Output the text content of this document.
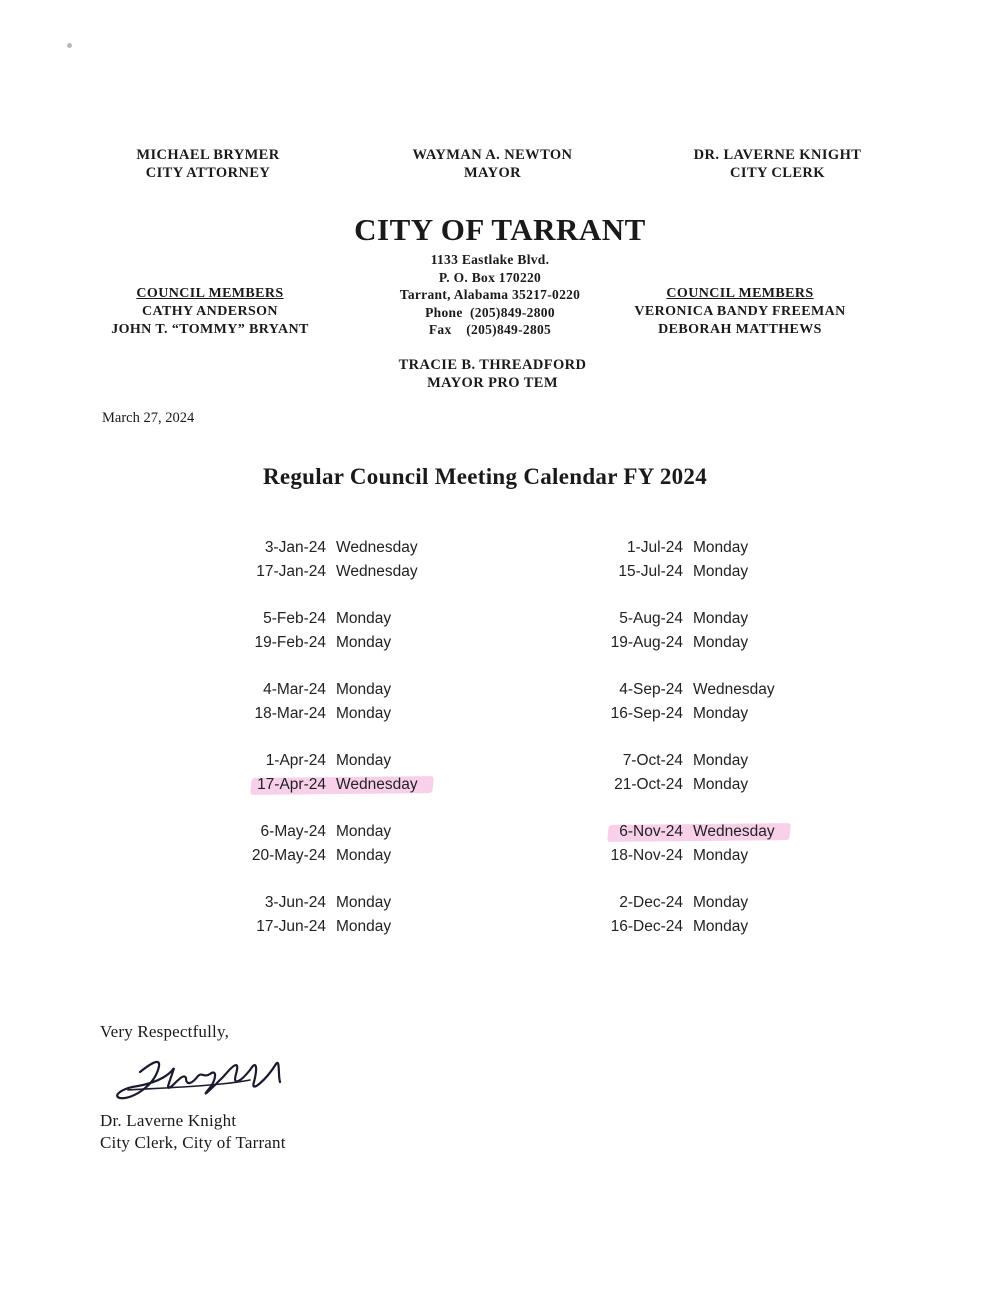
MICHAEL BRYMER
CITY ATTORNEY
WAYMAN A. NEWTON
MAYOR
DR. LAVERNE KNIGHT
CITY CLERK
CITY OF TARRANT
1133 Eastlake Blvd.
P. O. Box 170220
Tarrant, Alabama 35217-0220
Phone  (205)849-2800
Fax    (205)849-2805
COUNCIL MEMBERS
CATHY ANDERSON
JOHN T. “TOMMY” BRYANT
COUNCIL MEMBERS
VERONICA BANDY FREEMAN
DEBORAH MATTHEWS
TRACIE B. THREADFORD
MAYOR PRO TEM
March 27, 2024
Regular Council Meeting Calendar FY 2024
3-Jan-24 Wednesday
17-Jan-24 Wednesday
5-Feb-24 Monday
19-Feb-24 Monday
4-Mar-24 Monday
18-Mar-24 Monday
1-Apr-24 Monday
17-Apr-24 Wednesday
6-May-24 Monday
20-May-24 Monday
3-Jun-24 Monday
17-Jun-24 Monday
1-Jul-24 Monday
15-Jul-24 Monday
5-Aug-24 Monday
19-Aug-24 Monday
4-Sep-24 Wednesday
16-Sep-24 Monday
7-Oct-24 Monday
21-Oct-24 Monday
6-Nov-24 Wednesday
18-Nov-24 Monday
2-Dec-24 Monday
16-Dec-24 Monday
Very Respectfully,
Dr. Laverne Knight
City Clerk, City of Tarrant
